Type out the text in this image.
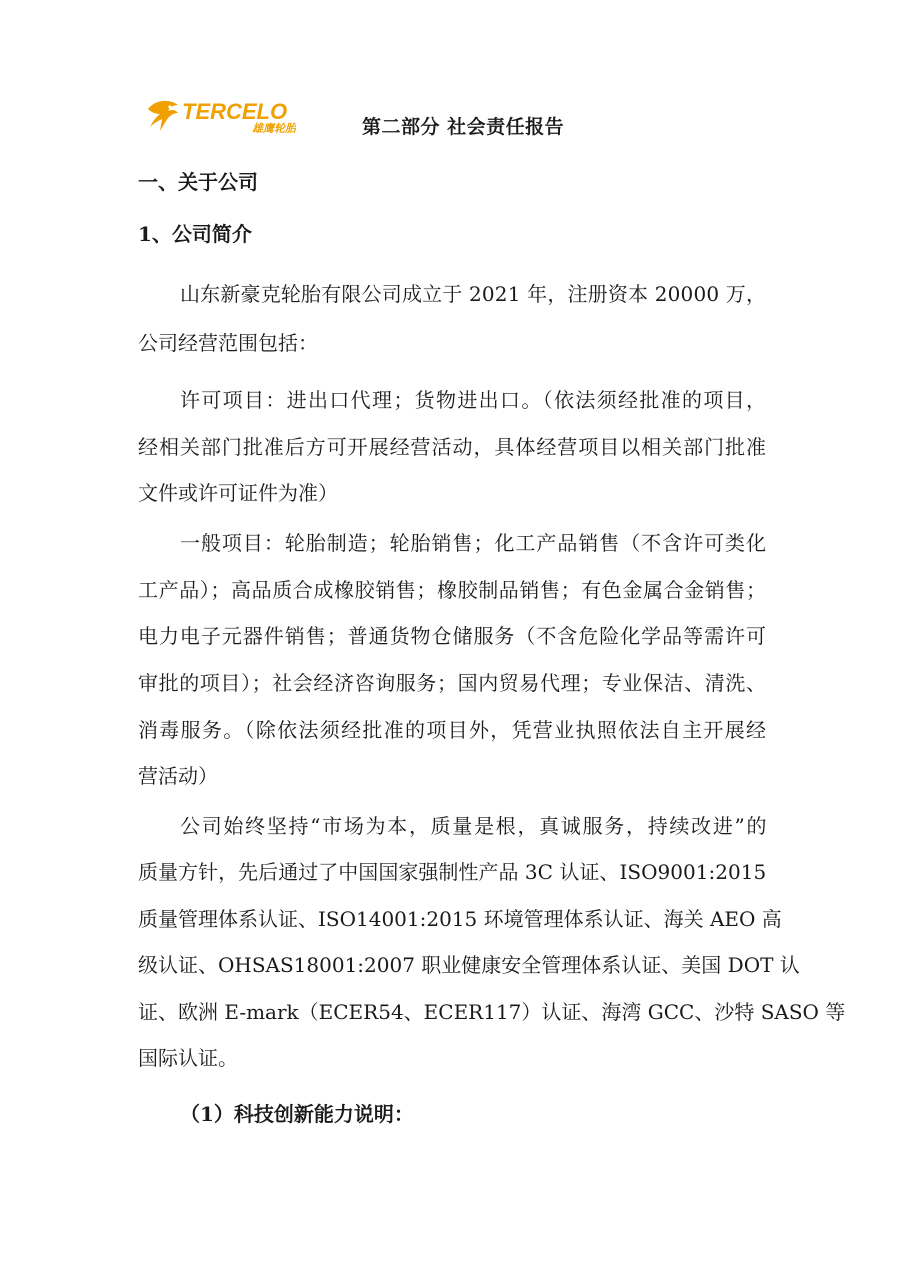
TERCELO
雄鹰轮胎	第二部分 社会责任报告
一、关于公司
1、公司简介
山东新豪克轮胎有限公司成立于 2021 年，注册资本 20000 万，
公司经营范围包括：
许可项目：进出口代理；货物进出口。（依法须经批准的项目，
经相关部门批准后方可开展经营活动，具体经营项目以相关部门批准
文件或许可证件为准）
一般项目：轮胎制造；轮胎销售；化工产品销售（不含许可类化
工产品）；高品质合成橡胶销售；橡胶制品销售；有色金属合金销售；
电力电子元器件销售；普通货物仓储服务（不含危险化学品等需许可
审批的项目）；社会经济咨询服务；国内贸易代理；专业保洁、清洗、
消毒服务。（除依法须经批准的项目外，凭营业执照依法自主开展经
营活动）
公司始终坚持“市场为本，质量是根，真诚服务，持续改进”的
质量方针，先后通过了中国国家强制性产品 3C 认证、ISO9001:2015
质量管理体系认证、ISO14001:2015 环境管理体系认证、海关 AEO 高
级认证、OHSAS18001:2007 职业健康安全管理体系认证、美国 DOT 认
证、欧洲 E-mark（ECER54、ECER117）认证、海湾 GCC、沙特 SASO 等
国际认证。
（1）科技创新能力说明：
